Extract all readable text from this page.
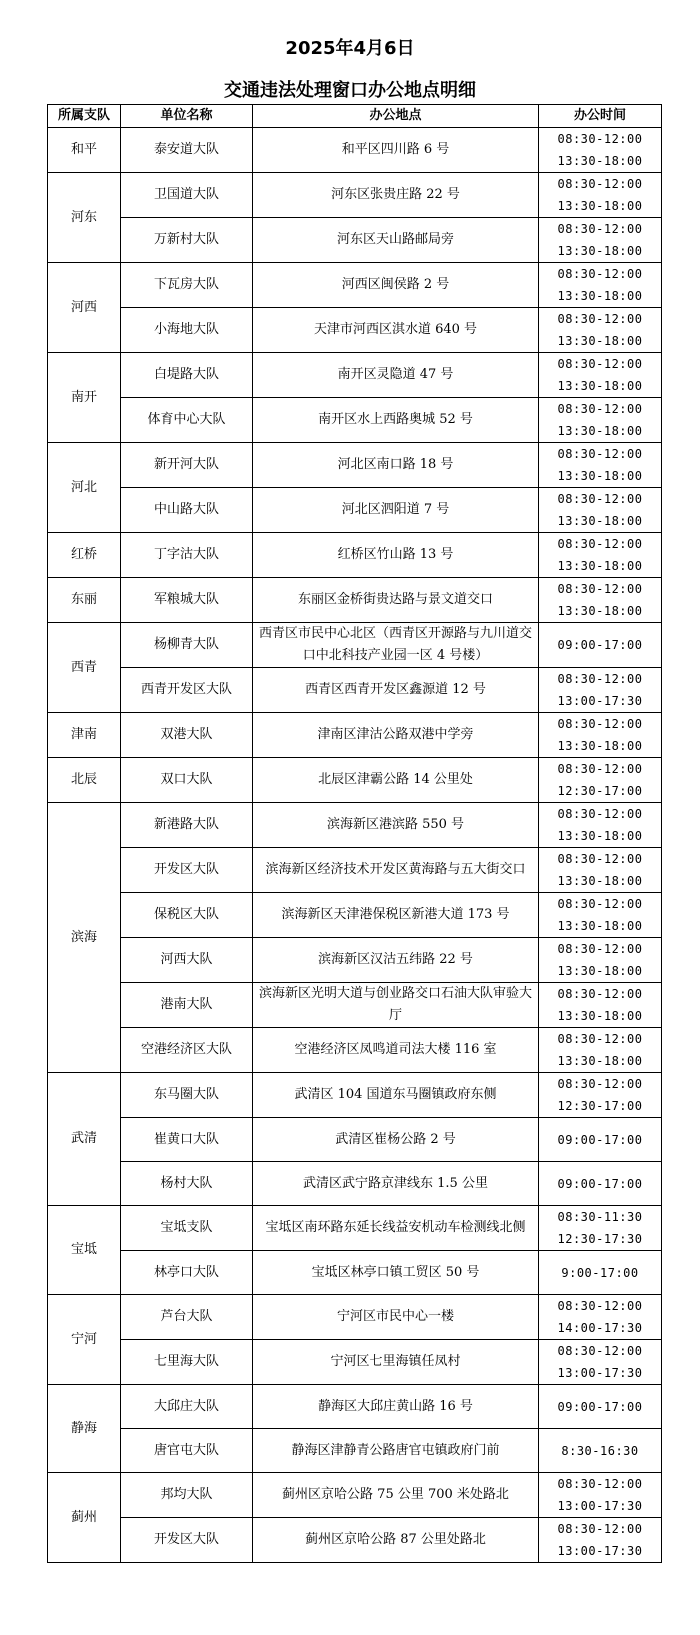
2025年4月6日
交通违法处理窗口办公地点明细
所属支队	单位名称	办公地点	办公时间
和平	泰安道大队	和平区四川路 6 号	08:30-12:00
13:30-18:00

河东	卫国道大队	河东区张贵庄路 22 号	08:30-12:00
13:30-18:00

	万新村大队	河东区天山路邮局旁	08:30-12:00
13:30-18:00

河西	下瓦房大队	河西区闽侯路 2 号	08:30-12:00
13:30-18:00

	小海地大队	天津市河西区淇水道 640 号	08:30-12:00
13:30-18:00

南开	白堤路大队	南开区灵隐道 47 号	08:30-12:00
13:30-18:00

	体育中心大队	南开区水上西路奥城 52 号	08:30-12:00
13:30-18:00

河北	新开河大队	河北区南口路 18 号	08:30-12:00
13:30-18:00

	中山路大队	河北区泗阳道 7 号	08:30-12:00
13:30-18:00

红桥	丁字沽大队	红桥区竹山路 13 号	08:30-12:00
13:30-18:00

东丽	军粮城大队	东丽区金桥街贵达路与景文道交口	08:30-12:00
13:30-18:00

西青	杨柳青大队	西青区市民中心北区（西青区开源路与九川道交口中北科技产业园一区 4 号楼）	09:00-17:00

	西青开发区大队	西青区西青开发区鑫源道 12 号	08:30-12:00
13:00-17:30

津南	双港大队	津南区津沽公路双港中学旁	08:30-12:00
13:30-18:00

北辰	双口大队	北辰区津霸公路 14 公里处	08:30-12:00
12:30-17:00

滨海	新港路大队	滨海新区港滨路 550 号	08:30-12:00
13:30-18:00

	开发区大队	滨海新区经济技术开发区黄海路与五大街交口	08:30-12:00
13:30-18:00

	保税区大队	滨海新区天津港保税区新港大道 173 号	08:30-12:00
13:30-18:00

	河西大队	滨海新区汉沽五纬路 22 号	08:30-12:00
13:30-18:00

	港南大队	滨海新区光明大道与创业路交口石油大队审验大厅	08:30-12:00
13:30-18:00

	空港经济区大队	空港经济区凤鸣道司法大楼 116 室	08:30-12:00
13:30-18:00

武清	东马圈大队	武清区 104 国道东马圈镇政府东侧	08:30-12:00
12:30-17:00

	崔黄口大队	武清区崔杨公路 2 号	09:00-17:00

	杨村大队	武清区武宁路京津线东 1.5 公里	09:00-17:00

宝坻	宝坻支队	宝坻区南环路东延长线益安机动车检测线北侧	08:30-11:30
12:30-17:30

	林亭口大队	宝坻区林亭口镇工贸区 50 号	9:00-17:00

宁河	芦台大队	宁河区市民中心一楼	08:30-12:00
14:00-17:30

	七里海大队	宁河区七里海镇任凤村	08:30-12:00
13:00-17:30

静海	大邱庄大队	静海区大邱庄黄山路 16 号	09:00-17:00

	唐官屯大队	静海区津静青公路唐官屯镇政府门前	8:30-16:30

蓟州	邦均大队	蓟州区京哈公路 75 公里 700 米处路北	08:30-12:00
13:00-17:30

	开发区大队	蓟州区京哈公路 87 公里处路北	08:30-12:00
13:00-17:30
